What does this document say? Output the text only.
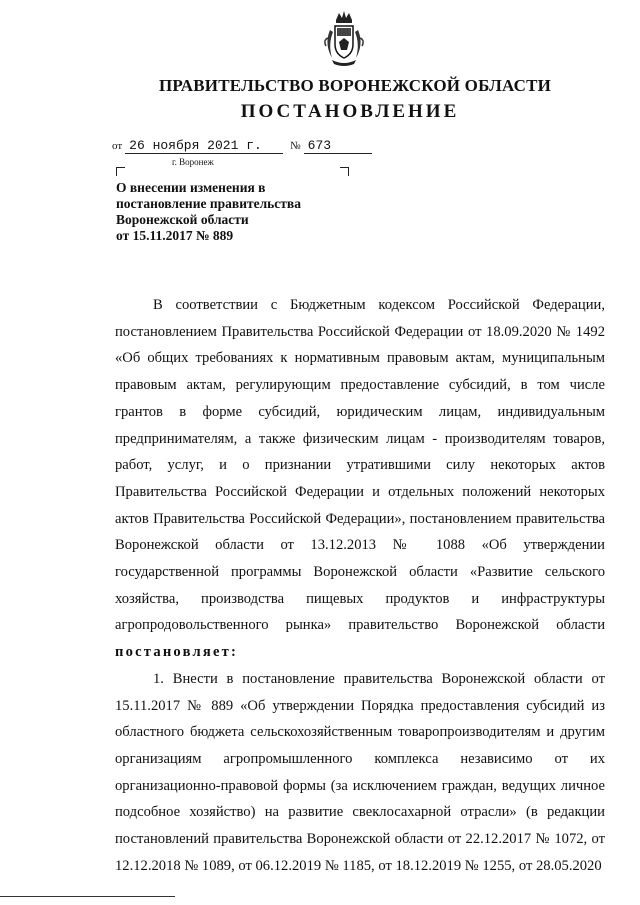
ПРАВИТЕЛЬСТВО ВОРОНЕЖСКОЙ ОБЛАСТИ
ПОСТАНОВЛЕНИЕ
от 26 ноября 2021 г.	№ 673
г. Воронеж
О внесении изменения в
постановление правительства
Воронежской области
от 15.11.2017 № 889

В соответствии с Бюджетным кодексом Российской Федерации, постановлением Правительства Российской Федерации от 18.09.2020 № 1492 «Об общих требованиях к нормативным правовым актам, муниципальным правовым актам, регулирующим предоставление субсидий, в том числе грантов в форме субсидий, юридическим лицам, индивидуальным предпринимателям, а также физическим лицам - производителям товаров, работ, услуг, и о признании утратившими силу некоторых актов Правительства Российской Федерации и отдельных положений некоторых актов Правительства Российской Федерации», постановлением правительства Воронежской области от 13.12.2013 № 1088 «Об утверждении государственной программы Воронежской области «Развитие сельского хозяйства, производства пищевых продуктов и инфраструктуры агропродовольственного рынка» правительство Воронежской области постановляет:

1. Внести в постановление правительства Воронежской области от 15.11.2017 № 889 «Об утверждении Порядка предоставления субсидий из областного бюджета сельскохозяйственным товаропроизводителям и другим организациям агропромышленного комплекса независимо от их организационно-правовой формы (за исключением граждан, ведущих личное подсобное хозяйство) на развитие свеклосахарной отрасли» (в редакции постановлений правительства Воронежской области от 22.12.2017 № 1072, от 12.12.2018 № 1089, от 06.12.2019 № 1185, от 18.12.2019 № 1255, от 28.05.2020
